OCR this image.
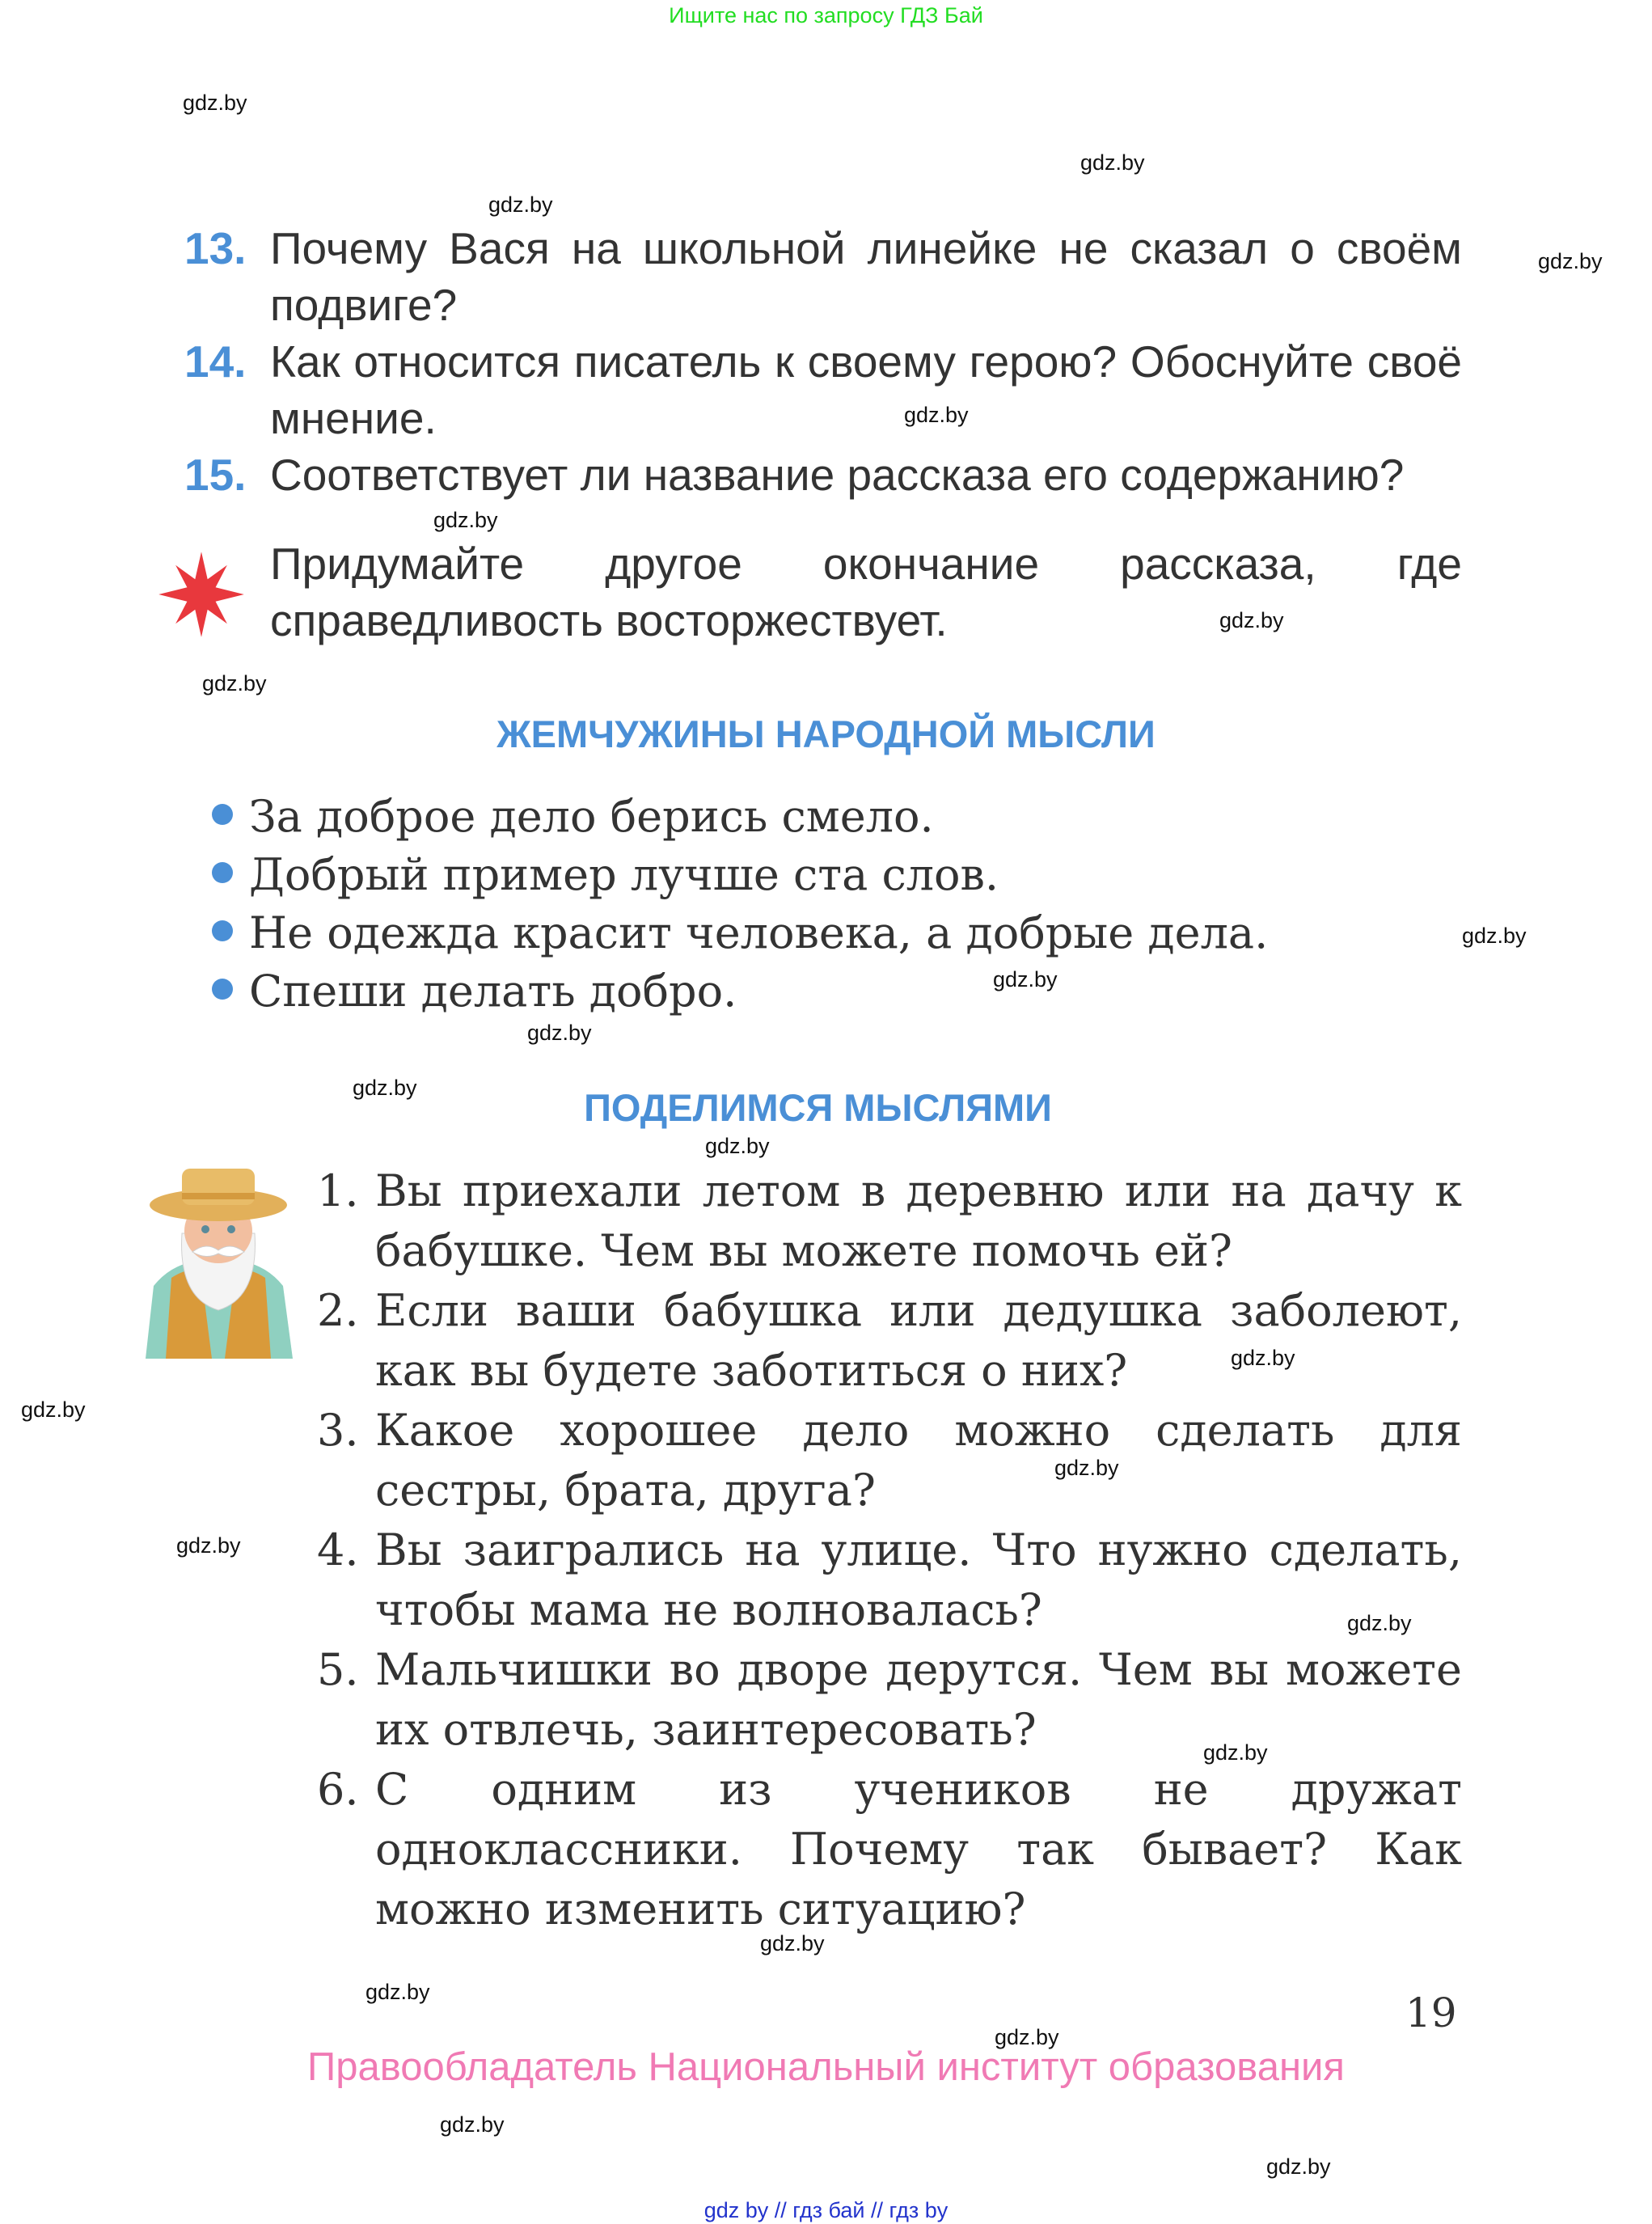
Ищите нас по запросу ГДЗ Бай
gdz.by
gdz.by
gdz.by
gdz.by
gdz.by
gdz.by
gdz.by
gdz.by
gdz.by
gdz.by
gdz.by
gdz.by
gdz.by
gdz.by
gdz.by
gdz.by
gdz.by
gdz.by
gdz.by
gdz.by
gdz.by
gdz.by
gdz.by
gdz.by
13. Почему Вася на школьной линейке не сказал о своём подвиге?
14. Как относится писатель к своему герою? Обоснуйте своё мнение.
15. Соответствует ли название рассказа его содержанию?
Придумайте другое окончание рассказа, где справедливость восторжествует.
ЖЕМЧУЖИНЫ НАРОДНОЙ МЫСЛИ
За доброе дело берись смело.
Добрый пример лучше ста слов.
Не одежда красит человека, а добрые дела.
Спеши делать добро.
ПОДЕЛИМСЯ МЫСЛЯМИ
1. Вы приехали летом в деревню или на дачу к бабушке. Чем вы можете помочь ей?
2. Если ваши бабушка или дедушка заболеют, как вы будете заботиться о них?
3. Какое хорошее дело можно сделать для сестры, брата, друга?
4. Вы заигрались на улице. Что нужно сделать, чтобы мама не волновалась?
5. Мальчишки во дворе дерутся. Чем вы можете их отвлечь, заинтересовать?
6. С одним из учеников не дружат одноклассники. Почему так бывает? Как можно изменить ситуацию?
19
Правообладатель Национальный институт образования
gdz by // гдз бай // гдз by
